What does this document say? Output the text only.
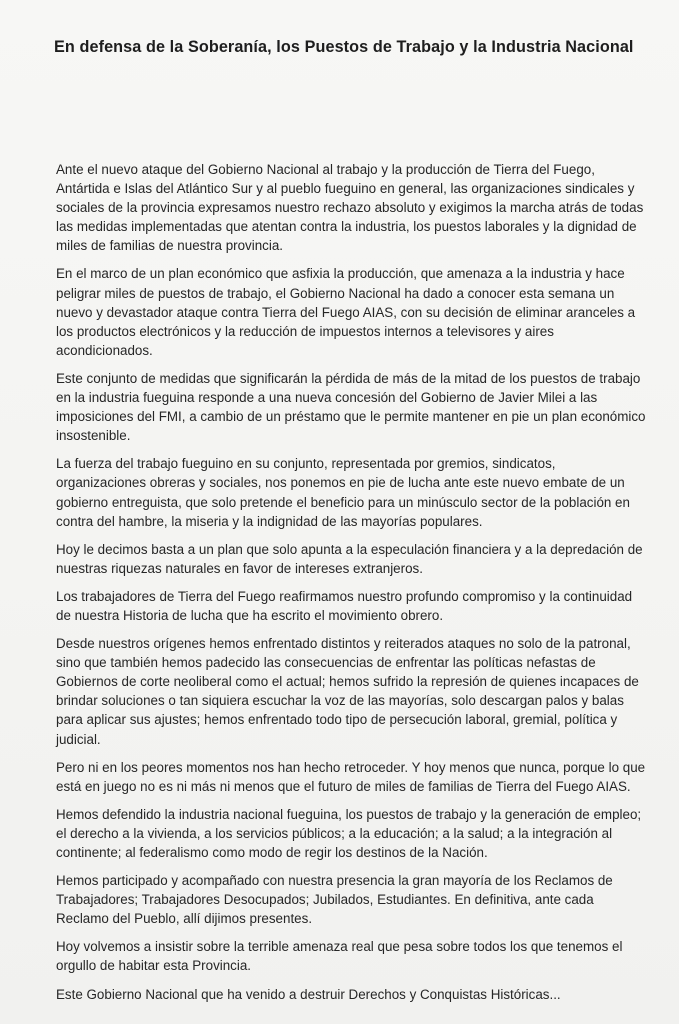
En defensa de la Soberanía, los Puestos de Trabajo y la Industria Nacional

Ante el nuevo ataque del Gobierno Nacional al trabajo y la producción de Tierra del Fuego, Antártida e Islas del Atlántico Sur y al pueblo fueguino en general, las organizaciones sindicales y sociales de la provincia expresamos nuestro rechazo absoluto y exigimos la marcha atrás de todas las medidas implementadas que atentan contra la industria, los puestos laborales y la dignidad de miles de familias de nuestra provincia.

En el marco de un plan económico que asfixia la producción, que amenaza a la industria y hace peligrar miles de puestos de trabajo, el Gobierno Nacional ha dado a conocer esta semana un nuevo y devastador ataque contra Tierra del Fuego AIAS, con su decisión de eliminar aranceles a los productos electrónicos y la reducción de impuestos internos a televisores y aires acondicionados.

Este conjunto de medidas que significarán la pérdida de más de la mitad de los puestos de trabajo en la industria fueguina responde a una nueva concesión del Gobierno de Javier Milei a las imposiciones del FMI, a cambio de un préstamo que le permite mantener en pie un plan económico insostenible.

La fuerza del trabajo fueguino en su conjunto, representada por gremios, sindicatos, organizaciones obreras y sociales, nos ponemos en pie de lucha ante este nuevo embate de un gobierno entreguista, que solo pretende el beneficio para un minúsculo sector de la población en contra del hambre, la miseria y la indignidad de las mayorías populares.

Hoy le decimos basta a un plan que solo apunta a la especulación financiera y a la depredación de nuestras riquezas naturales en favor de intereses extranjeros.

Los trabajadores de Tierra del Fuego reafirmamos nuestro profundo compromiso y la continuidad de nuestra Historia de lucha que ha escrito el movimiento obrero.

Desde nuestros orígenes hemos enfrentado distintos y reiterados ataques no solo de la patronal, sino que también hemos padecido las consecuencias de enfrentar las políticas nefastas de Gobiernos de corte neoliberal como el actual; hemos sufrido la represión de quienes incapaces de brindar soluciones o tan siquiera escuchar la voz de las mayorías, solo descargan palos y balas para aplicar sus ajustes; hemos enfrentado todo tipo de persecución laboral, gremial, política y judicial.

Pero ni en los peores momentos nos han hecho retroceder. Y hoy menos que nunca, porque lo que está en juego no es ni más ni menos que el futuro de miles de familias de Tierra del Fuego AIAS.

Hemos defendido la industria nacional fueguina, los puestos de trabajo y la generación de empleo; el derecho a la vivienda, a los servicios públicos; a la educación; a la salud; a la integración al continente; al federalismo como modo de regir los destinos de la Nación.

Hemos participado y acompañado con nuestra presencia la gran mayoría de los Reclamos de Trabajadores; Trabajadores Desocupados; Jubilados, Estudiantes. En definitiva, ante cada Reclamo del Pueblo, allí dijimos presentes.

Hoy volvemos a insistir sobre la terrible amenaza real que pesa sobre todos los que tenemos el orgullo de habitar esta Provincia.

Este Gobierno Nacional que ha venido a destruir Derechos y Conquistas Históricas...
